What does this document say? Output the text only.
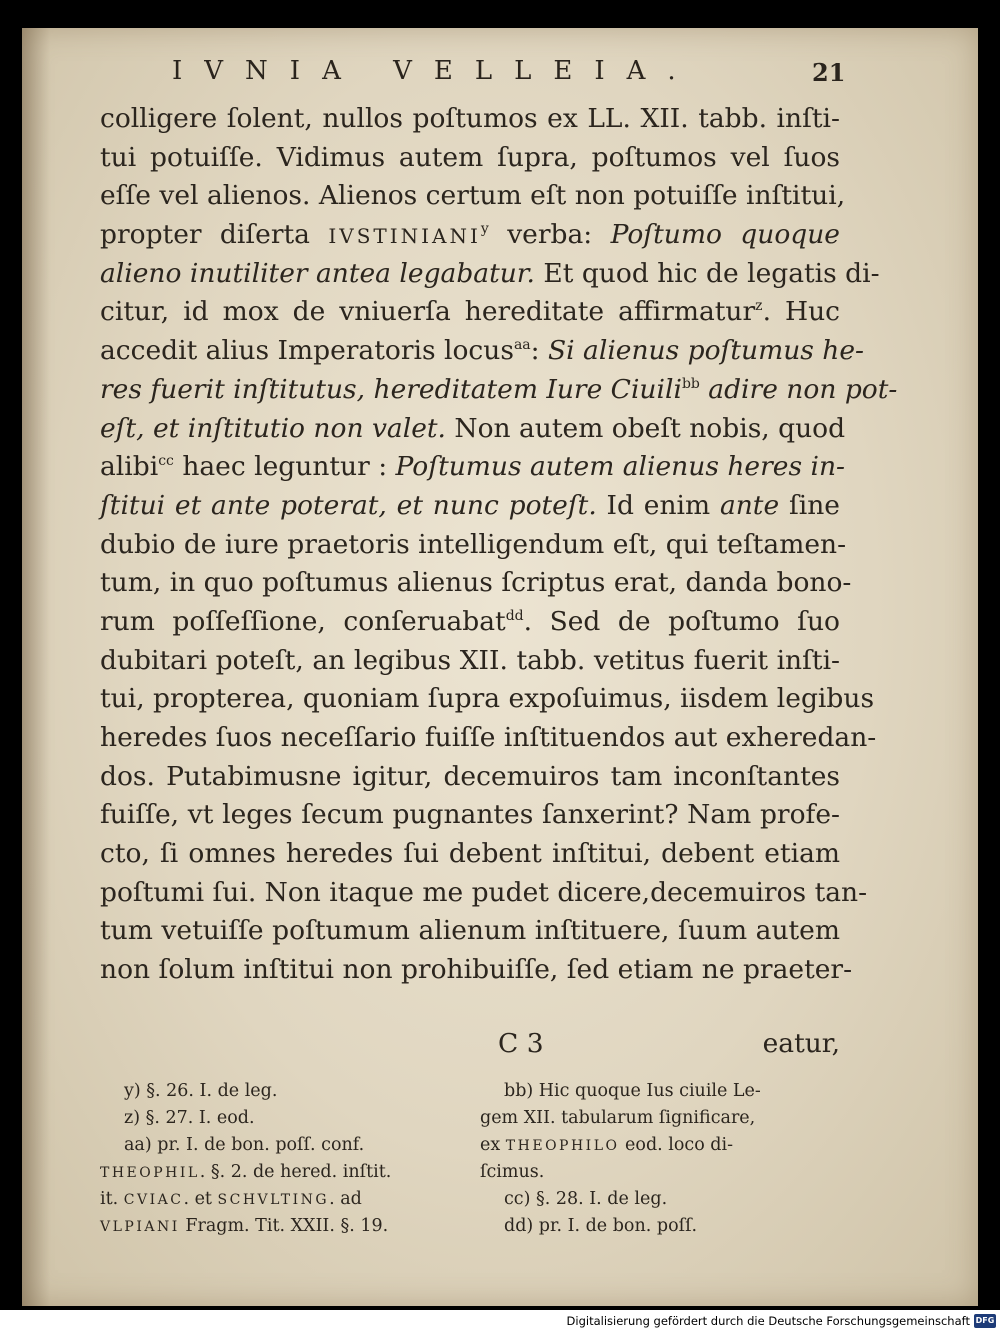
IVNIA VELLEIA.	21
colligere ſolent, nullos poſtumos ex LL. XII. tabb. inſti-
tui potuiſſe. Vidimus autem ſupra, poſtumos vel ſuos
eſſe vel alienos. Alienos certum eſt non potuiſſe inſtitui,
propter diſerta IVSTINIANI$^y$ verba: Poſtumo quoque
alieno inutiliter antea legabatur. Et quod hic de legatis di-
citur, id mox de vniuerſa hereditate affirmatur$^z$. Huc
accedit alius Imperatoris locus$^{aa}$: Si alienus poſtumus he-
res fuerit inſtitutus, hereditatem Iure Ciuili$^{bb}$ adire non pot-
eſt, et inſtitutio non valet. Non autem obeſt nobis, quod
alibi$^{cc}$ haec leguntur : Poſtumus autem alienus heres in-
ſtitui et ante poterat, et nunc poteſt. Id enim ante ſine
dubio de iure praetoris intelligendum eſt, qui teſtamen-
tum, in quo poſtumus alienus ſcriptus erat, danda bono-
rum poſſeſſione, conſeruabat$^{dd}$. Sed de poſtumo ſuo
dubitari poteſt, an legibus XII. tabb. vetitus fuerit inſti-
tui, propterea, quoniam ſupra expoſuimus, iisdem legibus
heredes ſuos neceſſario fuiſſe inſtituendos aut exheredan-
dos. Putabimusne igitur, decemuiros tam inconſtantes
fuiſſe, vt leges ſecum pugnantes ſanxerint? Nam profe-
cto, ſi omnes heredes ſui debent inſtitui, debent etiam
poſtumi ſui. Non itaque me pudet dicere,decemuiros tan-
tum vetuiſſe poſtumum alienum inſtituere, ſuum autem
non ſolum inſtitui non prohibuiſſe, ſed etiam ne praeter-
C 3	eatur,
y) §. 26. I. de leg.
z) §. 27. I. eod.
aa) pr. I. de bon. poſſ. conf.
THEOPHIL. §. 2. de hered. inſtit.
it. CVIAC. et SCHVLTING. ad
VLPIANI Fragm. Tit. XXII. §. 19.
bb) Hic quoque Ius ciuile Le-
gem XII. tabularum ſignificare,
ex THEOPHILO eod. loco di-
ſcimus.
cc) §. 28. I. de leg.
dd) pr. I. de bon. poſſ.
Digitalisierung gefördert durch die Deutsche Forschungsgemeinschaft DFG
